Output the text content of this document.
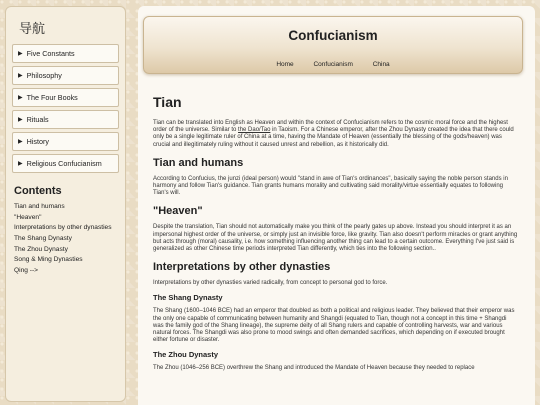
导航
▶ Five Constants
▶ Philosophy
▶ The Four Books
▶ Rituals
▶ History
▶ Religious Confucianism
Contents
Tian and humans
"Heaven"
Interpretations by other dynasties
The Shang Dynasty
The Zhou Dynasty
Song & Ming Dynasties
Qing -->
Confucianism
Home	Confucianism	China
Tian

Tian can be translated into English as Heaven and within the context of Confucianism refers to the cosmic moral force and the highest order of the universe. Similar to the Dao/Tao in Taoism. For a Chinese emperor, after the Zhou Dynasty created the idea that there could only be a single legitimate ruler of China at a time, having the Mandate of Heaven (essentially the blessing of the gods/heaven) was crucial and illegitimately ruling without it caused unrest and rebellion, as it historically did.

Tian and humans

According to Confucius, the junzi (ideal person) would "stand in awe of Tian's ordinances", basically saying the noble person stands in harmony and follow Tian's guidance. Tian grants humans morality and cultivating said morality/virtue essentially equates to following Tian's will.

"Heaven"

Despite the translation, Tian should not automatically make you think of the pearly gates up above. Instead you should interpret it as an impersonal highest order of the universe, or simply just an invisible force, like gravity. Tian also doesn't perform miracles or grant anything but acts through (moral) causality, i.e. how something influencing another thing can lead to a certain outcome. Everything I've just said is generalized as other Chinese time periods interpreted Tian differently, which ties into the following section..

Interpretations by other dynasties

Interpretations by other dynasties varied radically, from concept to personal god to force.

The Shang Dynasty

The Shang (1600–1046 BCE) had an emperor that doubled as both a political and religious leader. They believed that their emperor was the only one capable of communicating between humanity and Shangdi (equated to Tian, though not a concept in this time + Shangdi was the family god of the Shang lineage), the supreme deity of all Shang rulers and capable of controlling harvests, war and various natural forces. The Shangdi was also prone to mood swings and often demanded sacrifices, which depending on if executed brought either fortune or disaster.

The Zhou Dynasty

The Zhou (1046–256 BCE) overthrew the Shang and introduced the Mandate of Heaven because they needed to replace
